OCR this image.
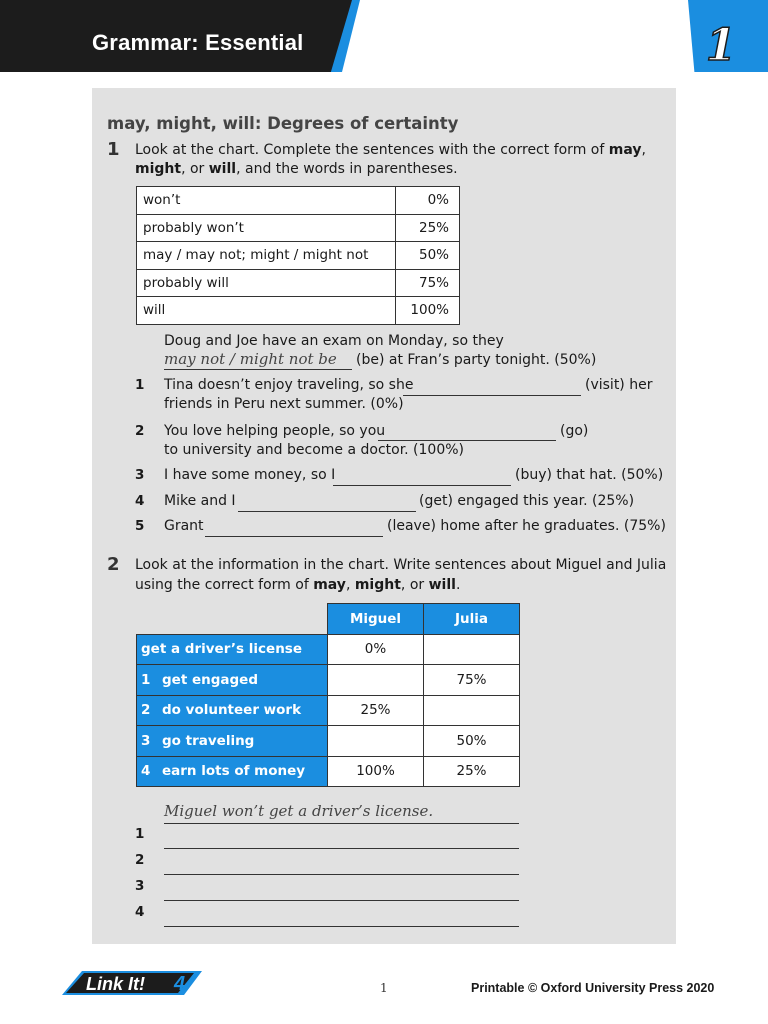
Grammar: Essential	1
may, might, will: Degrees of certainty
1 Look at the chart. Complete the sentences with the correct form of may,
might, or will, and the words in parentheses.
won’t	0%
probably won’t	25%
may / may not; might / might not	50%
probably will	75%
will	100%
Doug and Joe have an exam on Monday, so they
may not / might not be (be) at Fran’s party tonight. (50%)
1 Tina doesn’t enjoy traveling, so she	(visit) her
friends in Peru next summer. (0%)
2 You love helping people, so you	(go)
to university and become a doctor. (100%)
3 I have some money, so I	(buy) that hat. (50%)
4 Mike and I	(get) engaged this year. (25%)
5 Grant	(leave) home after he graduates. (75%)
2 Look at the information in the chart. Write sentences about Miguel and Julia
using the correct form of may, might, or will.
	Miguel	Julia
get a driver’s license	0%	
1 get engaged		75%
2 do volunteer work	25%	
3 go traveling		50%
4 earn lots of money	100%	25%
Miguel won’t get a driver’s license.
1
2
3
4
Link It! 4	1	Printable © Oxford University Press 2020
